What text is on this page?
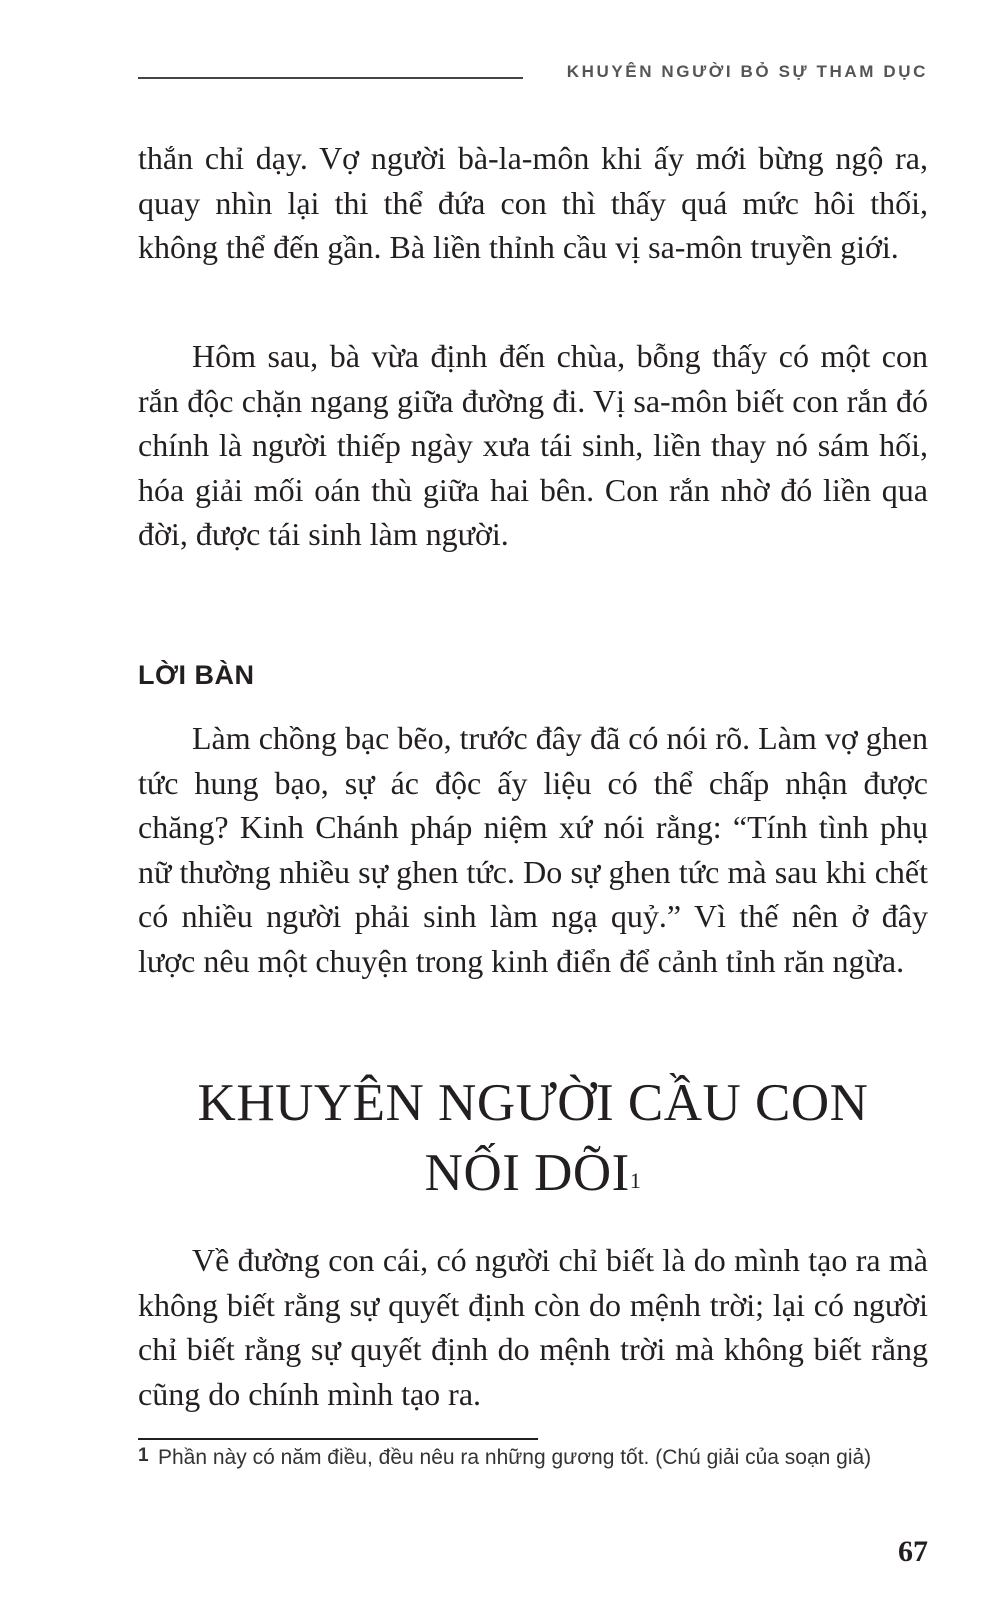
KHUYÊN NGƯỜI BỎ SỰ THAM DỤC

thắn chỉ dạy. Vợ người bà-la-môn khi ấy mới bừng ngộ ra, quay nhìn lại thi thể đứa con thì thấy quá mức hôi thối, không thể đến gần. Bà liền thỉnh cầu vị sa-môn truyền giới.

Hôm sau, bà vừa định đến chùa, bỗng thấy có một con rắn độc chặn ngang giữa đường đi. Vị sa-môn biết con rắn đó chính là người thiếp ngày xưa tái sinh, liền thay nó sám hối, hóa giải mối oán thù giữa hai bên. Con rắn nhờ đó liền qua đời, được tái sinh làm người.

LỜI BÀN

Làm chồng bạc bẽo, trước đây đã có nói rõ. Làm vợ ghen tức hung bạo, sự ác độc ấy liệu có thể chấp nhận được chăng? Kinh Chánh pháp niệm xứ nói rằng: “Tính tình phụ nữ thường nhiều sự ghen tức. Do sự ghen tức mà sau khi chết có nhiều người phải sinh làm ngạ quỷ.” Vì thế nên ở đây lược nêu một chuyện trong kinh điển để cảnh tỉnh răn ngừa.

KHUYÊN NGƯỜI CẦU CON
NỐI DÕI$^1$

Về đường con cái, có người chỉ biết là do mình tạo ra mà không biết rằng sự quyết định còn do mệnh trời; lại có người chỉ biết rằng sự quyết định do mệnh trời mà không biết rằng cũng do chính mình tạo ra.

1 Phần này có năm điều, đều nêu ra những gương tốt. (Chú giải của soạn giả)
67
